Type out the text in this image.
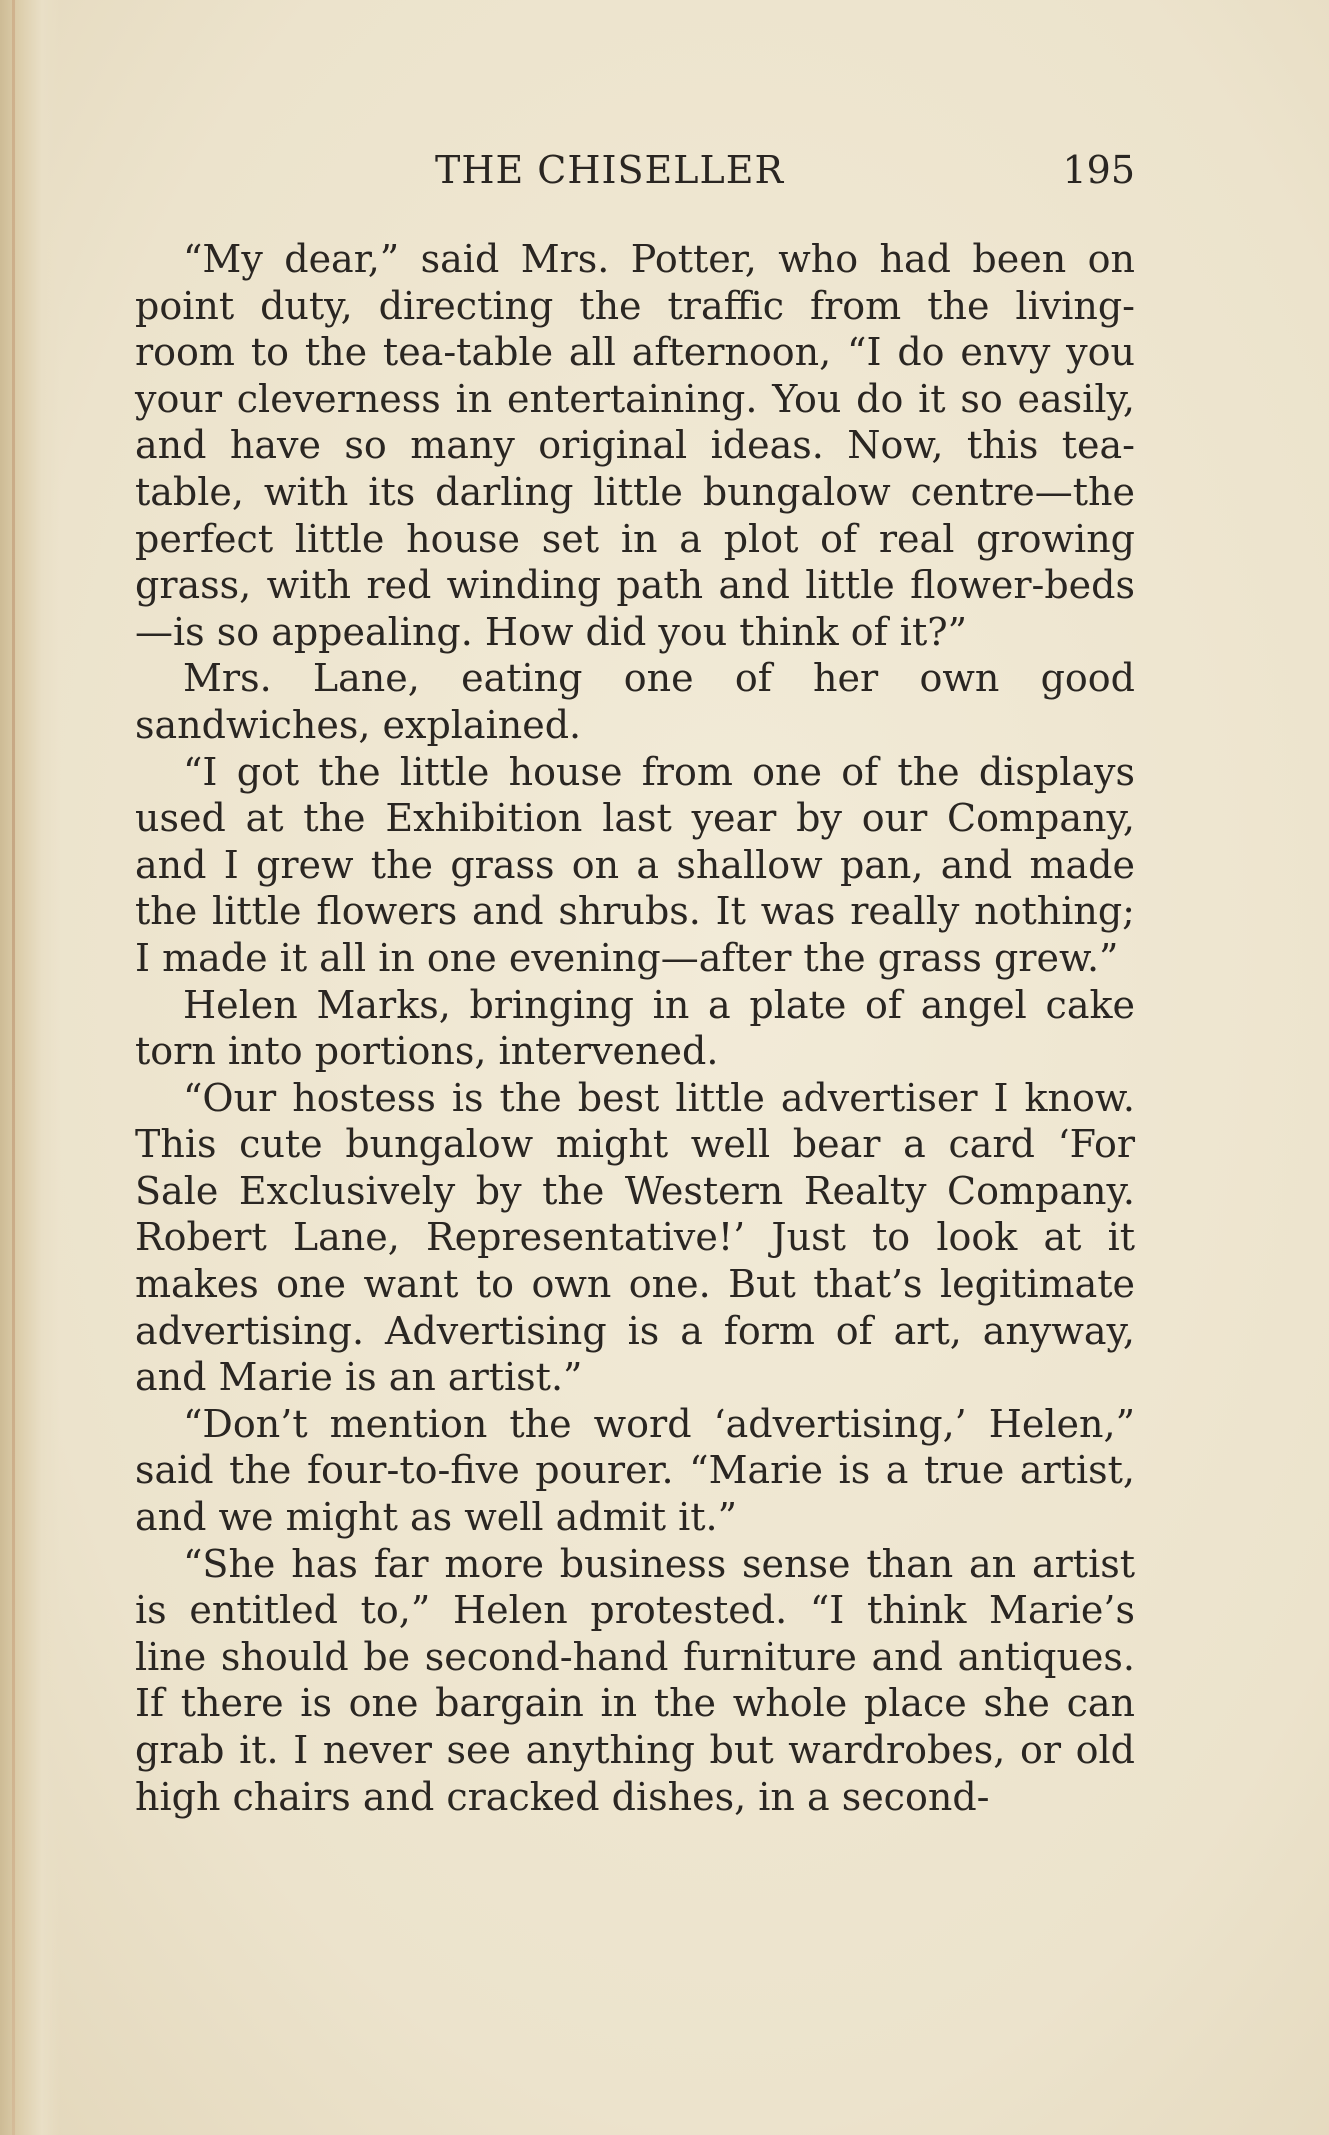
THE CHISELLER	195

“My dear,” said Mrs. Potter, who had been on point duty, directing the traffic from the living-room to the tea-table all afternoon, “I do envy you your cleverness in entertaining. You do it so easily, and have so many original ideas. Now, this tea-table, with its darling little bungalow centre—the perfect little house set in a plot of real growing grass, with red winding path and little flower-beds—is so appealing. How did you think of it?”

Mrs. Lane, eating one of her own good sandwiches, explained.

“I got the little house from one of the displays used at the Exhibition last year by our Company, and I grew the grass on a shallow pan, and made the little flowers and shrubs. It was really nothing; I made it all in one evening—after the grass grew.”

Helen Marks, bringing in a plate of angel cake torn into portions, intervened.

“Our hostess is the best little advertiser I know. This cute bungalow might well bear a card ‘For Sale Exclusively by the Western Realty Company. Robert Lane, Representative!’ Just to look at it makes one want to own one. But that’s legitimate advertising. Advertising is a form of art, anyway, and Marie is an artist.”

“Don’t mention the word ‘advertising,’ Helen,” said the four-to-five pourer. “Marie is a true artist, and we might as well admit it.”

“She has far more business sense than an artist is entitled to,” Helen protested. “I think Marie’s line should be second-hand furniture and antiques. If there is one bargain in the whole place she can grab it. I never see anything but wardrobes, or old high chairs and cracked dishes, in a second-
